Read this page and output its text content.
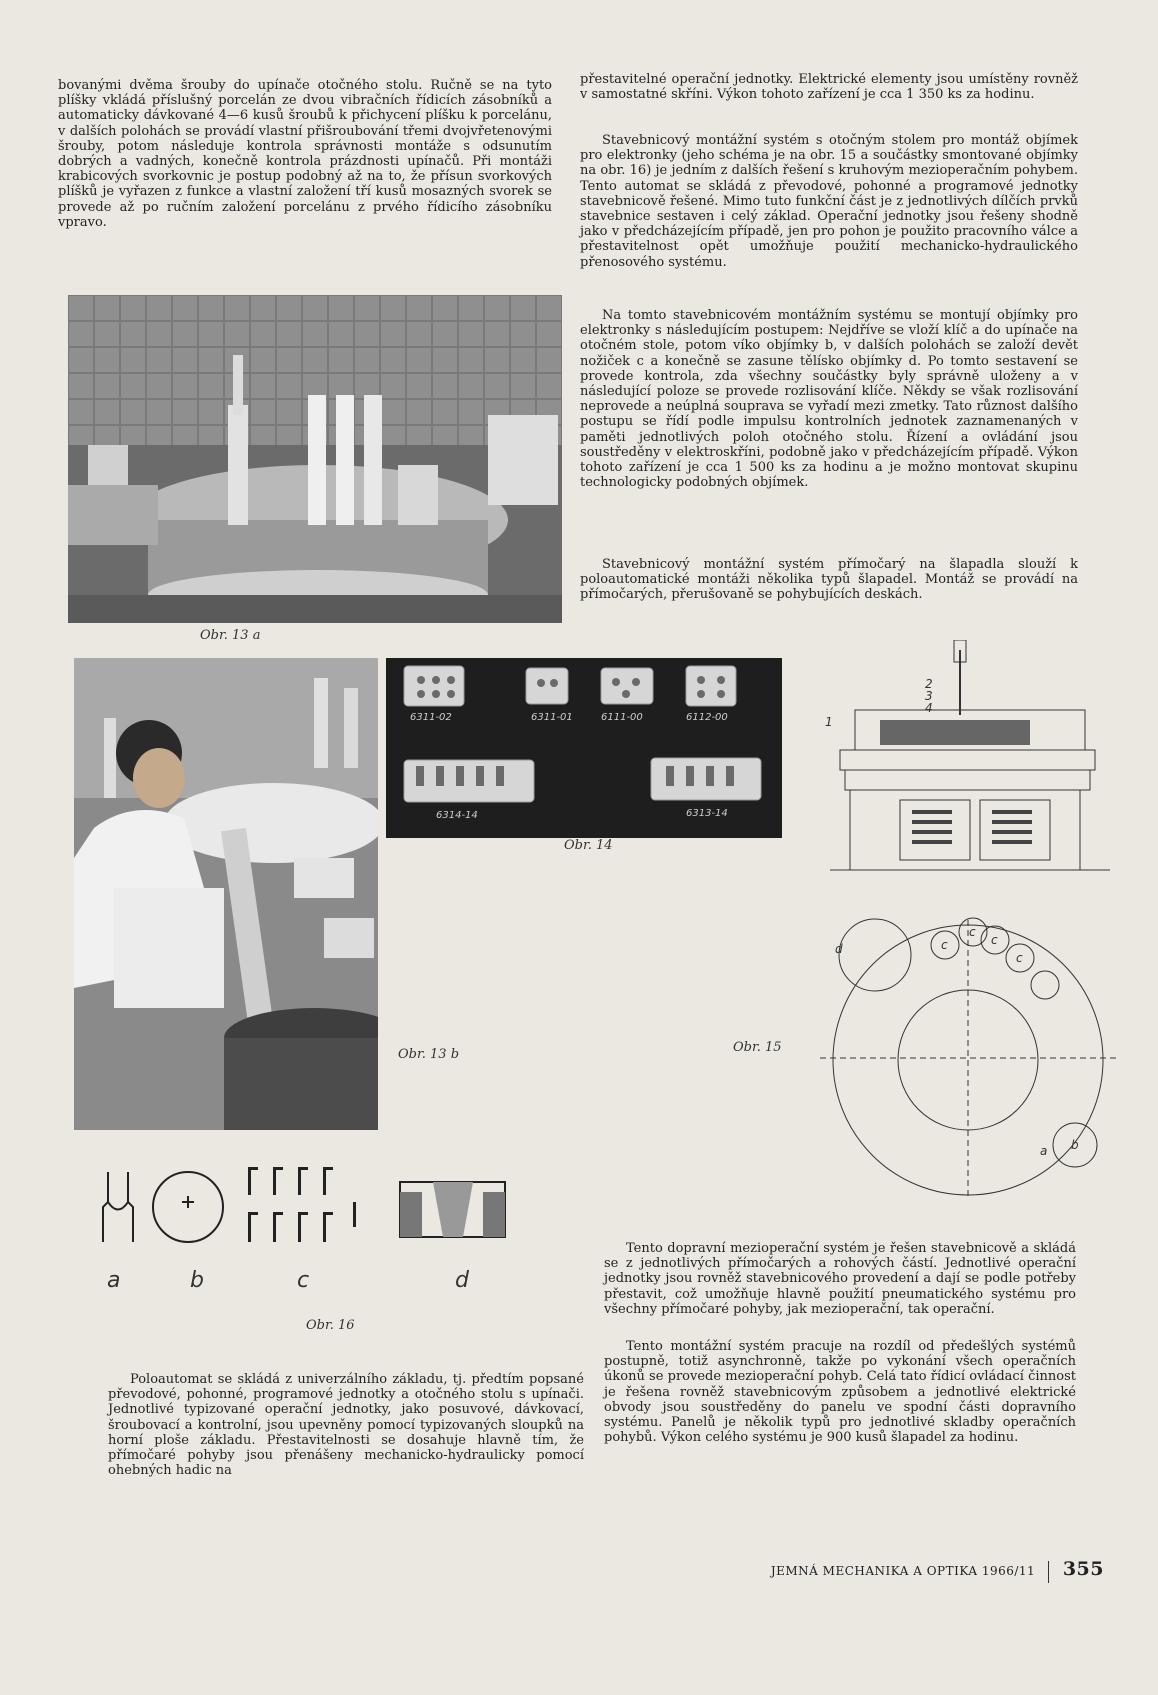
bovanými dvěma šrouby do upínače otočného stolu. Ručně se na tyto plíšky vkládá příslušný porcelán ze dvou vibračních řídicích zásobníků a automaticky dávkované 4—6 kusů šroubů k přichycení plíšku k porcelánu, v dalších polohách se provádí vlastní přišroubování třemi dvojvřetenovými šrouby, potom následuje kontrola správnosti montáže s odsunutím dobrých a vadných, konečně kontrola prázdnosti upínačů. Při montáži krabicových svorkovnic je postup podobný až na to, že přísun svorkových plíšků je vyřazen z funkce a vlastní založení tří kusů mosazných svorek se provede až po ručním založení porcelánu z prvého řídicího zásobníku vpravo.

přestavitelné operační jednotky. Elektrické elementy jsou umístěny rovněž v samostatné skříni. Výkon tohoto zařízení je cca 1 350 ks za hodinu.

Stavebnicový montážní systém s otočným stolem pro montáž objímek pro elektronky (jeho schéma je na obr. 15 a součástky smontované objímky na obr. 16) je jedním z dalších řešení s kruhovým mezioperačním pohybem. Tento automat se skládá z převodové, pohonné a programové jednotky stavebnicově řešené. Mimo tuto funkční část je z jednotlivých dílčích prvků stavebnice sestaven i celý základ. Operační jednotky jsou řešeny shodně jako v předcházejícím případě, jen pro pohon je použito pracovního válce a přestavitelnost opět umožňuje použití mechanicko-hydraulického přenosového systému.

Na tomto stavebnicovém montážním systému se montují objímky pro elektronky s následujícím postupem: Nejdříve se vloží klíč a do upínače na otočném stole, potom víko objímky b, v dalších polohách se založí devět nožiček c a konečně se zasune tělísko objímky d. Po tomto sestavení se provede kontrola, zda všechny součástky byly správně uloženy a v následující poloze se provede rozlisování klíče. Někdy se však rozlisování neprovede a neúplná souprava se vyřadí mezi zmetky. Tato různost dalšího postupu se řídí podle impulsu kontrolních jednotek zaznamenaných v paměti jednotlivých poloh otočného stolu. Řízení a ovládání jsou soustředěny v elektroskříni, podobně jako v předcházejícím případě. Výkon tohoto zařízení je cca 1 500 ks za hodinu a je možno montovat skupinu technologicky podobných objímek.

Stavebnicový montážní systém přímočarý na šlapadla slouží k poloautomatické montáži několika typů šlapadel. Montáž se provádí na přímočarých, přerušovaně se pohybujících deskách.

Obr. 13 a
Obr. 13 b
6311-02	6311-01	6111-00	6112-00
6314-14	6313-14
Obr. 14
d	c
c
c
c
b
a
1
2
3
4
Obr. 15
a	b	c	d
Obr. 16

Poloautomat se skládá z univerzálního základu, tj. předtím popsané převodové, pohonné, programové jednotky a otočného stolu s upínači. Jednotlivé typizované operační jednotky, jako posuvové, dávkovací, šroubovací a kontrolní, jsou upevněny pomocí typizovaných sloupků na horní ploše základu. Přestavitelnosti se dosahuje hlavně tím, že přímočaré pohyby jsou přenášeny mechanicko-hydraulicky pomocí ohebných hadic na

Tento dopravní mezioperační systém je řešen stavebnicově a skládá se z jednotlivých přímočarých a rohových částí. Jednotlivé operační jednotky jsou rovněž stavebnicového provedení a dají se podle potřeby přestavit, což umožňuje hlavně použití pneumatického systému pro všechny přímočaré pohyby, jak mezioperační, tak operační.

Tento montážní systém pracuje na rozdíl od předešlých systémů postupně, totiž asynchronně, takže po vykonání všech operačních úkonů se provede mezioperační pohyb. Celá tato řídicí ovládací činnost je řešena rovněž stavebnicovým způsobem a jednotlivé elektrické obvody jsou soustředěny do panelu ve spodní části dopravního systému. Panelů je několik typů pro jednotlivé skladby operačních pohybů. Výkon celého systému je 900 kusů šlapadel za hodinu.

JEMNÁ MECHANIKA A OPTIKA 1966/11 355
